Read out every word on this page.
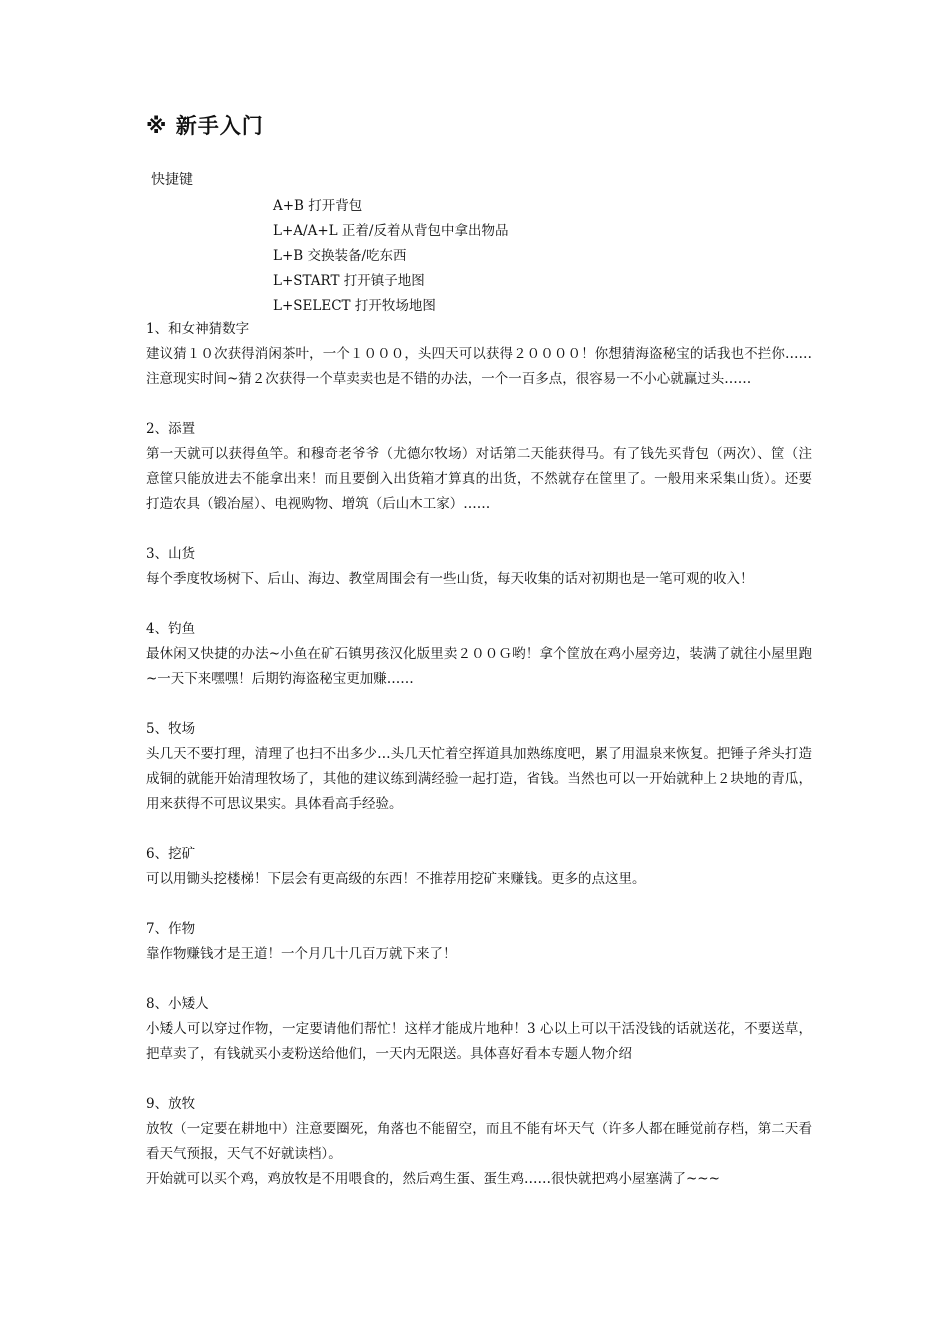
※ 新手入门
快捷键
A+B 打开背包
L+A/A+L 正着/反着从背包中拿出物品
L+B 交换装备/吃东西
L+START 打开镇子地图
L+SELECT 打开牧场地图
1、和女神猜数字

建议猜１０次获得消闲茶叶，一个１０００，头四天可以获得２００００！你想猜海盗秘宝的话我也不拦你……注意现实时间~猜２次获得一个草卖卖也是不错的办法，一个一百多点，很容易一不小心就赢过头……

2、添置

第一天就可以获得鱼竿。和穆奇老爷爷（尤德尔牧场）对话第二天能获得马。有了钱先买背包（两次）、筐（注意筐只能放进去不能拿出来！而且要倒入出货箱才算真的出货，不然就存在筐里了。一般用来采集山货）。还要打造农具（锻冶屋）、电视购物、增筑（后山木工家）……

3、山货

每个季度牧场树下、后山、海边、教堂周围会有一些山货，每天收集的话对初期也是一笔可观的收入！

4、钓鱼

最休闲又快捷的办法~小鱼在矿石镇男孩汉化版里卖２００Ｇ哟！拿个筐放在鸡小屋旁边，装满了就往小屋里跑~一天下来嘿嘿！后期钓海盗秘宝更加赚……

5、牧场

头几天不要打理，清理了也扫不出多少…头几天忙着空挥道具加熟练度吧，累了用温泉来恢复。把锤子斧头打造成铜的就能开始清理牧场了，其他的建议练到满经验一起打造，省钱。当然也可以一开始就种上２块地的青瓜，用来获得不可思议果实。具体看高手经验。

6、挖矿

可以用锄头挖楼梯！下层会有更高级的东西！不推荐用挖矿来赚钱。更多的点这里。

7、作物

靠作物赚钱才是王道！一个月几十几百万就下来了！

8、小矮人

小矮人可以穿过作物，一定要请他们帮忙！这样才能成片地种！3 心以上可以干活没钱的话就送花，不要送草，把草卖了，有钱就买小麦粉送给他们，一天内无限送。具体喜好看本专题人物介绍

9、放牧

放牧（一定要在耕地中）注意要圈死，角落也不能留空，而且不能有坏天气（许多人都在睡觉前存档，第二天看看天气预报，天气不好就读档）。

开始就可以买个鸡，鸡放牧是不用喂食的，然后鸡生蛋、蛋生鸡……很快就把鸡小屋塞满了~~~
